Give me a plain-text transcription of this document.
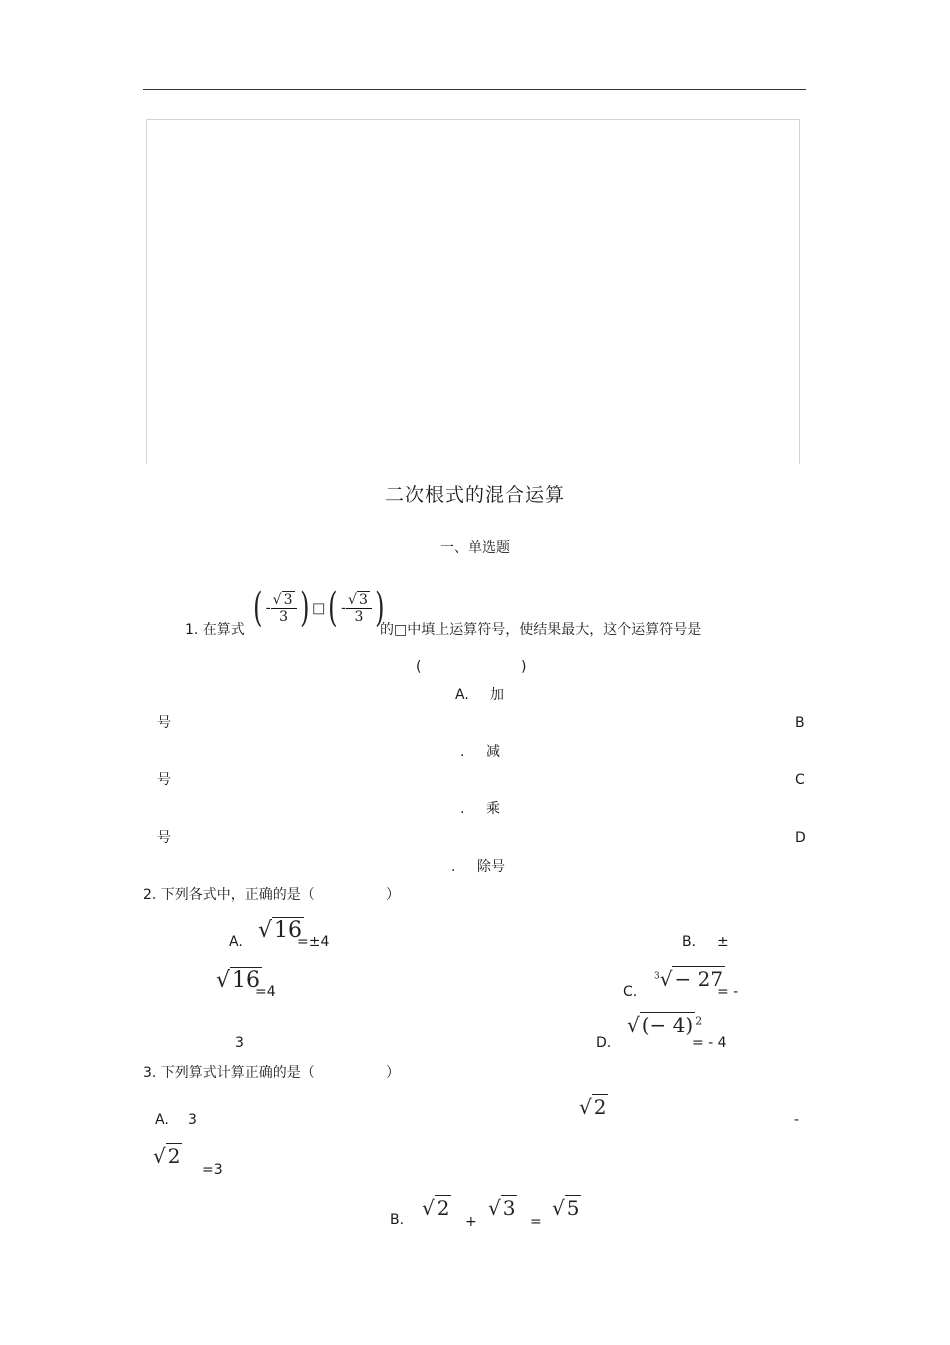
二次根式的混合运算
一、单选题
1. 在算式 ( - $\frac{√ 3}{3}$ ) □( - $\frac{√ 3}{3}$ )
的□中填上运算符号，使结果最大，这个运算符号是
(	)
A. 加
号	B
. 减
号	C
. 乘
号	D
. 除号
2. 下列各式中，正确的是（	）
A. √16
=±4	B. ±
√16
=4	C.
$^3$√ − 27
= -
3	D.
√ (− 4) $^2$
= - 4
3. 下列算式计算正确的是（	）
A. 3
√ 2
-
√ 2
=3
B. √ 2
+
√ 3
=
√ 5
